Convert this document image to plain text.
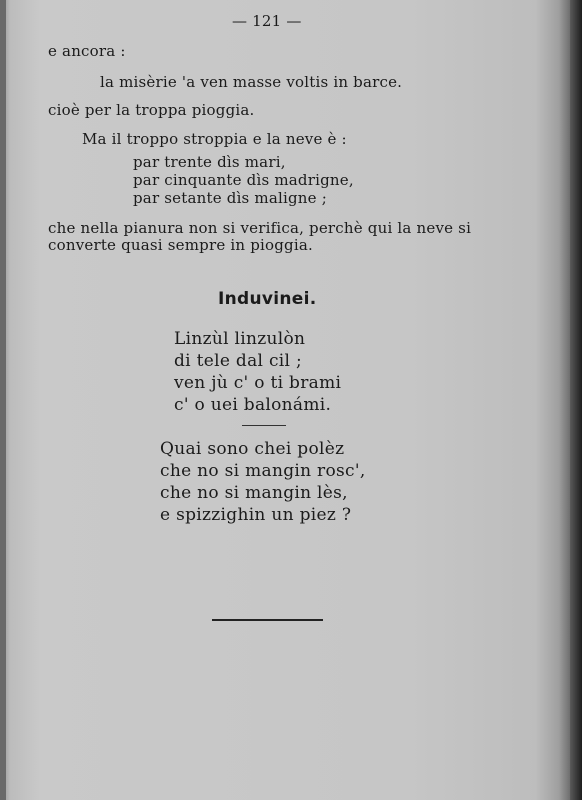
— 121 —
e ancora :
la misèrie 'a ven masse voltis in barce.
cioè per la troppa pioggia.
Ma il troppo stroppia e la neve è :
par trente dìs mari,
par cinquante dìs madrigne,
par setante dìs maligne ;
che nella pianura non si verifica, perchè qui la neve si
converte quasi sempre in pioggia.
Induvinei.
Linzùl linzulòn
di tele dal cil ;
ven jù c' o ti brami
c' o uei balonámi.
Quai sono chei polèz
che no si mangin rosc',
che no si mangin lès,
e spizzighin un piez ?
